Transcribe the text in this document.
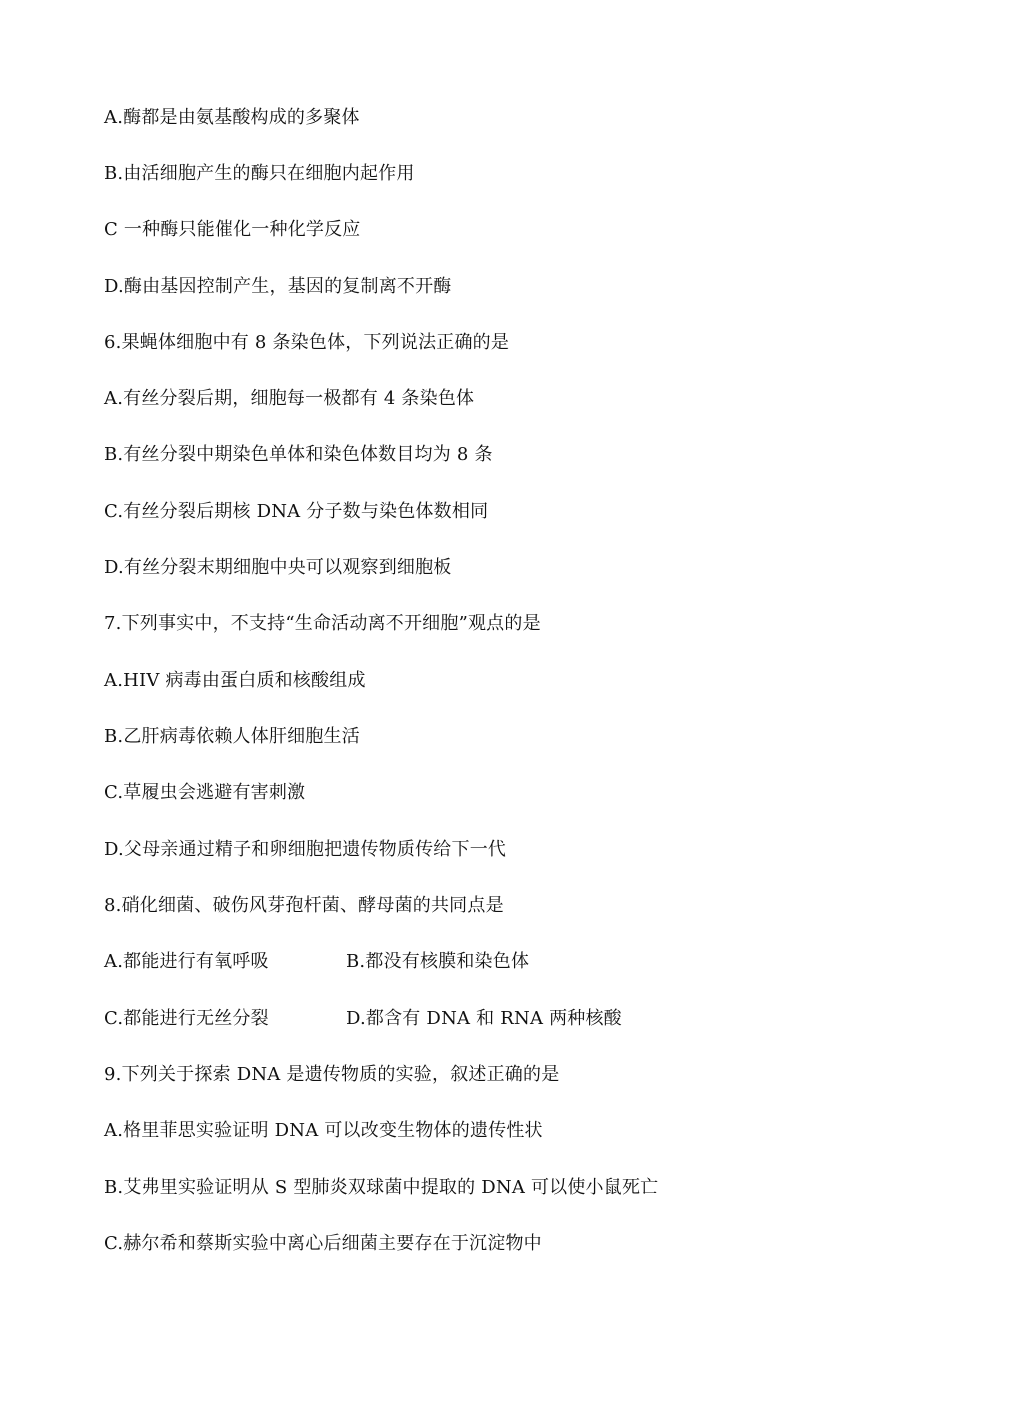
A.酶都是由氨基酸构成的多聚体
B.由活细胞产生的酶只在细胞内起作用
C 一种酶只能催化一种化学反应
D.酶由基因控制产生，基因的复制离不开酶
6.果蝇体细胞中有 8 条染色体，下列说法正确的是
A.有丝分裂后期，细胞每一极都有 4 条染色体
B.有丝分裂中期染色单体和染色体数目均为 8 条
C.有丝分裂后期核 DNA 分子数与染色体数相同
D.有丝分裂末期细胞中央可以观察到细胞板
7.下列事实中，不支持“生命活动离不开细胞”观点的是
A.HIV 病毒由蛋白质和核酸组成
B.乙肝病毒依赖人体肝细胞生活
C.草履虫会逃避有害刺激
D.父母亲通过精子和卵细胞把遗传物质传给下一代
8.硝化细菌、破伤风芽孢杆菌、酵母菌的共同点是
A.都能进行有氧呼吸	B.都没有核膜和染色体
C.都能进行无丝分裂	D.都含有 DNA 和 RNA 两种核酸
9.下列关于探索 DNA 是遗传物质的实验，叙述正确的是
A.格里菲思实验证明 DNA 可以改变生物体的遗传性状
B.艾弗里实验证明从 S 型肺炎双球菌中提取的 DNA 可以使小鼠死亡
C.赫尔希和蔡斯实验中离心后细菌主要存在于沉淀物中
